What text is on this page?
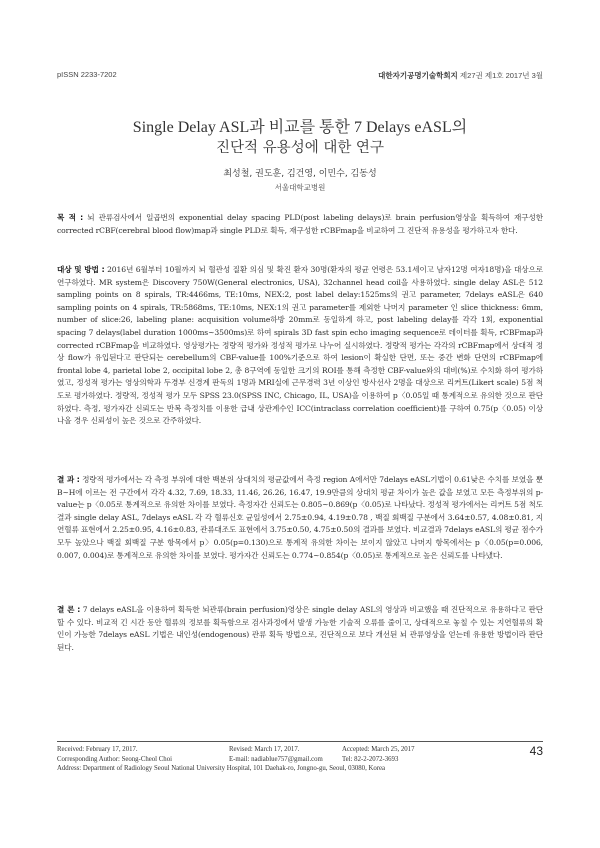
pISSN 2233-7202	대한자기공명기술학회지 제27권 제1호 2017년 3월
Single Delay ASL과 비교를 통한 7 Delays eASL의
진단적 유용성에 대한 연구
최성철, 권도훈, 김건영, 이민수, 김동성
서울대학교병원
목 적 : 뇌 관류검사에서 일곱번의 exponential delay spacing PLD(post labeling delays)로 brain perfusion영상을 획득하여 재구성한 corrected rCBF(cerebral blood flow)map과 single PLD로 획득, 재구성한 rCBFmap을 비교하여 그 진단적 유용성을 평가하고자 한다.
대상 및 방법 : 2016년 6월부터 10월까지 뇌 혈관성 질환 의심 및 확진 환자 30명(환자의 평균 연령은 53.1세이고 남자12명 여자18명)을 대상으로 연구하였다. MR system은 Discovery 750W(General electronics, USA), 32channel head coil을 사용하였다. single delay ASL은 512 sampling points on 8 spirals, TR:4466ms, TE:10ms, NEX:2, post label delay:1525ms의 권고 parameter, 7delays eASL은 640 sampling points on 4 spirals, TR:5868ms, TE:10ms, NEX:1의 권고 parameter를 제외한 나머지 parameter 인 slice thickness: 6mm, number of slice:26, labeling plane: acquisition volume하방 20mm로 동일하게 하고, post labeling delay를 각각 1회, exponential spacing 7 delays(label duration 1000ms~3500ms)로 하여 spirals 3D fast spin echo imaging sequence로 데이터를 획득, rCBFmap과 corrected rCBFmap을 비교하였다. 영상평가는 정량적 평가와 정성적 평가로 나누어 실시하였다. 정량적 평가는 각각의 rCBFmap에서 상대적 정상 flow가 유입된다고 판단되는 cerebellum의 CBF-value를 100%기준으로 하여 lesion이 확실한 단면, 또는 중간 변화 단면의 rCBFmap에 frontal lobe 4, parietal lobe 2, occipital lobe 2, 총 8구역에 동일한 크기의 ROI를 통해 측정한 CBF-value와의 대비(%)로 수치화 하여 평가하였고, 정성적 평가는 영상의학과 두경부 신경계 판독의 1명과 MRI실에 근무경력 3년 이상인 방사선사 2명을 대상으로 리커트(Likert scale) 5점 척도로 평가하였다. 정량적, 정성적 평가 모두 SPSS 23.0(SPSS INC, Chicago, IL, USA)을 이용하여 p〈0.05일 때 통계적으로 유의한 것으로 판단하였다. 측정, 평가자간 신뢰도는 반복 측정치를 이용한 급내 상관계수인 ICC(intraclass correlation coefficient)를 구하여 0.75(p〈0.05) 이상 나올 경우 신뢰성이 높은 것으로 간주하였다.
결 과 : 정량적 평가에서는 각 측정 부위에 대한 백분위 상대치의 평균값에서 측정 region A에서만 7delays eASL기법이 0.61낮은 수치를 보였을 뿐 B~H에 이르는 전 구간에서 각각 4.32, 7.69, 18.33, 11.46, 26.26, 16.47, 19.9만큼의 상대치 평균 차이가 높은 값을 보였고 모든 측정부위의 p-value는 p〈0.05로 통계적으로 유의한 차이를 보였다. 측정자간 신뢰도는 0.805~0.869(p〈0.05)로 나타났다. 정성적 평가에서는 리커트 5점 척도 결과 single delay ASL, 7delays eASL 각 각 혈류신호 균일성에서 2.75±0.94, 4.19±0.78 , 백질 회백질 구분에서 3.64±0.57, 4.08±0.81, 지연혈류 표현에서 2.25±0.95, 4.16±0.83, 관류대조도 표현에서 3.75±0.50, 4.75±0.50의 결과를 보였다. 비교결과 7delays eASL의 평균 점수가 모두 높았으나 백질 회백질 구분 항목에서 p〉0.05(p=0.130)으로 통계적 유의한 차이는 보이지 않았고 나머지 항목에서는 p〈0.05(p=0.006, 0.007, 0.004)로 통계적으로 유의한 차이를 보였다. 평가자간 신뢰도는 0.774~0.854(p〈0.05)로 통계적으로 높은 신뢰도를 나타냈다.
결 론 : 7 delays eASL을 이용하여 획득한 뇌관류(brain perfusion)영상은 single delay ASL의 영상과 비교했을 때 진단적으로 유용하다고 판단할 수 있다. 비교적 긴 시간 동안 혈류의 정보를 획득함으로 검사과정에서 발생 가능한 기술적 오류를 줄이고, 상대적으로 놓칠 수 있는 지연혈류의 확인이 가능한 7delays eASL 기법은 내인성(endogenous) 관류 획득 방법으로, 진단적으로 보다 개선된 뇌 관류영상을 얻는데 유용한 방법이라 판단된다.
Received: February 17, 2017.	Revised: March 17, 2017.	Accepted: March 25, 2017
Corresponding Author: Seong-Cheol Choi	E-mail: nadiablue757@gmail.com	Tel: 82-2-2072-3693
Address: Department of Radiology Seoul National University Hospital, 101 Daehak-ro, Jongno-gu, Seoul, 03080, Korea
43
